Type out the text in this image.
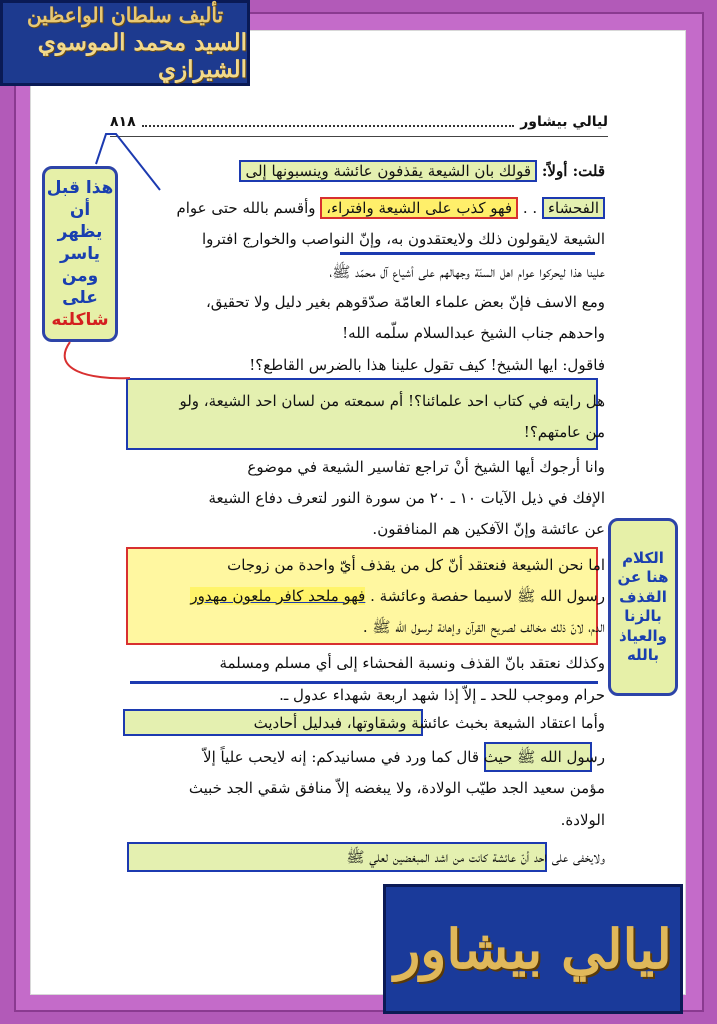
تأليف سلطان الواعظين
السيد محمد الموسوي الشيرازي
٨١٨	ليالي بيشاور
قلت: أولاً: قولك بان الشيعة يقذفون عائشة وينسبونها إلى
الفحشاء . . فهو كذب على الشيعة وافتراء، وأقسم بالله حتى عوام
الشيعة لايقولون ذلك ولايعتقدون به، وإنّ النواصب والخوارج افتروا
علينا هذا ليحركوا عوام اهل السنّة وجهالهم على أشياع آل محمّد ﷺ،
ومع الاسف فإنّ بعض علماء العامّة صدّقوهم بغير دليل ولا تحقيق،
واحدهم جناب الشيخ عبدالسلام سلّمه الله!
فاقول: ايها الشيخ! كيف تقول علينا هذا بالضرس القاطع؟!
هل رايته في كتاب احد علمائنا؟! أم سمعته من لسان احد الشيعة، ولو
من عامتهم؟!
وانا أرجوك أيها الشيخ أنْ تراجع تفاسير الشيعة في موضوع
الإفك في ذيل الآيات ١٠ ـ ٢٠ من سورة النور لتعرف دفاع الشيعة
عن عائشة وإنّ الآفكين هم المنافقون.
اما نحن الشيعة فنعتقد أنّ كل من يقذف أيّ واحدة من زوجات
رسول الله ﷺ لاسيما حفصة وعائشة . فهو ملحد كافر ملعون مهدور
الدم، لانّ ذلك مخالف لصريح القرآن وإهانة لرسول الله ﷺ .
وكذلك نعتقد بانّ القذف ونسبة الفحشاء إلى أي مسلم ومسلمة
حرام وموجب للحد ـ إلاّ إذا شهد اربعة شهداء عدول ـ.
وأما اعتقاد الشيعة بخبث عائشة وشقاوتها، فبدليل أحاديث
رسول الله ﷺ حيث قال كما ورد في مسانيدكم: إنه لايحب علياً إلاّ
مؤمن سعيد الجد طيّب الولادة، ولا يبغضه إلاّ منافق شقي الجد خبيث
الولادة.
ولايخفى على احد أنّ عائشة كانت من اشد المبغضين لعلي ﷺ
هذا قبل
أن يظهر
ياسر
ومن
على
شاكلته
الكلام
هنا عن
القذف
بالزنا
والعياذ
بالله
ليالي بيشاور
